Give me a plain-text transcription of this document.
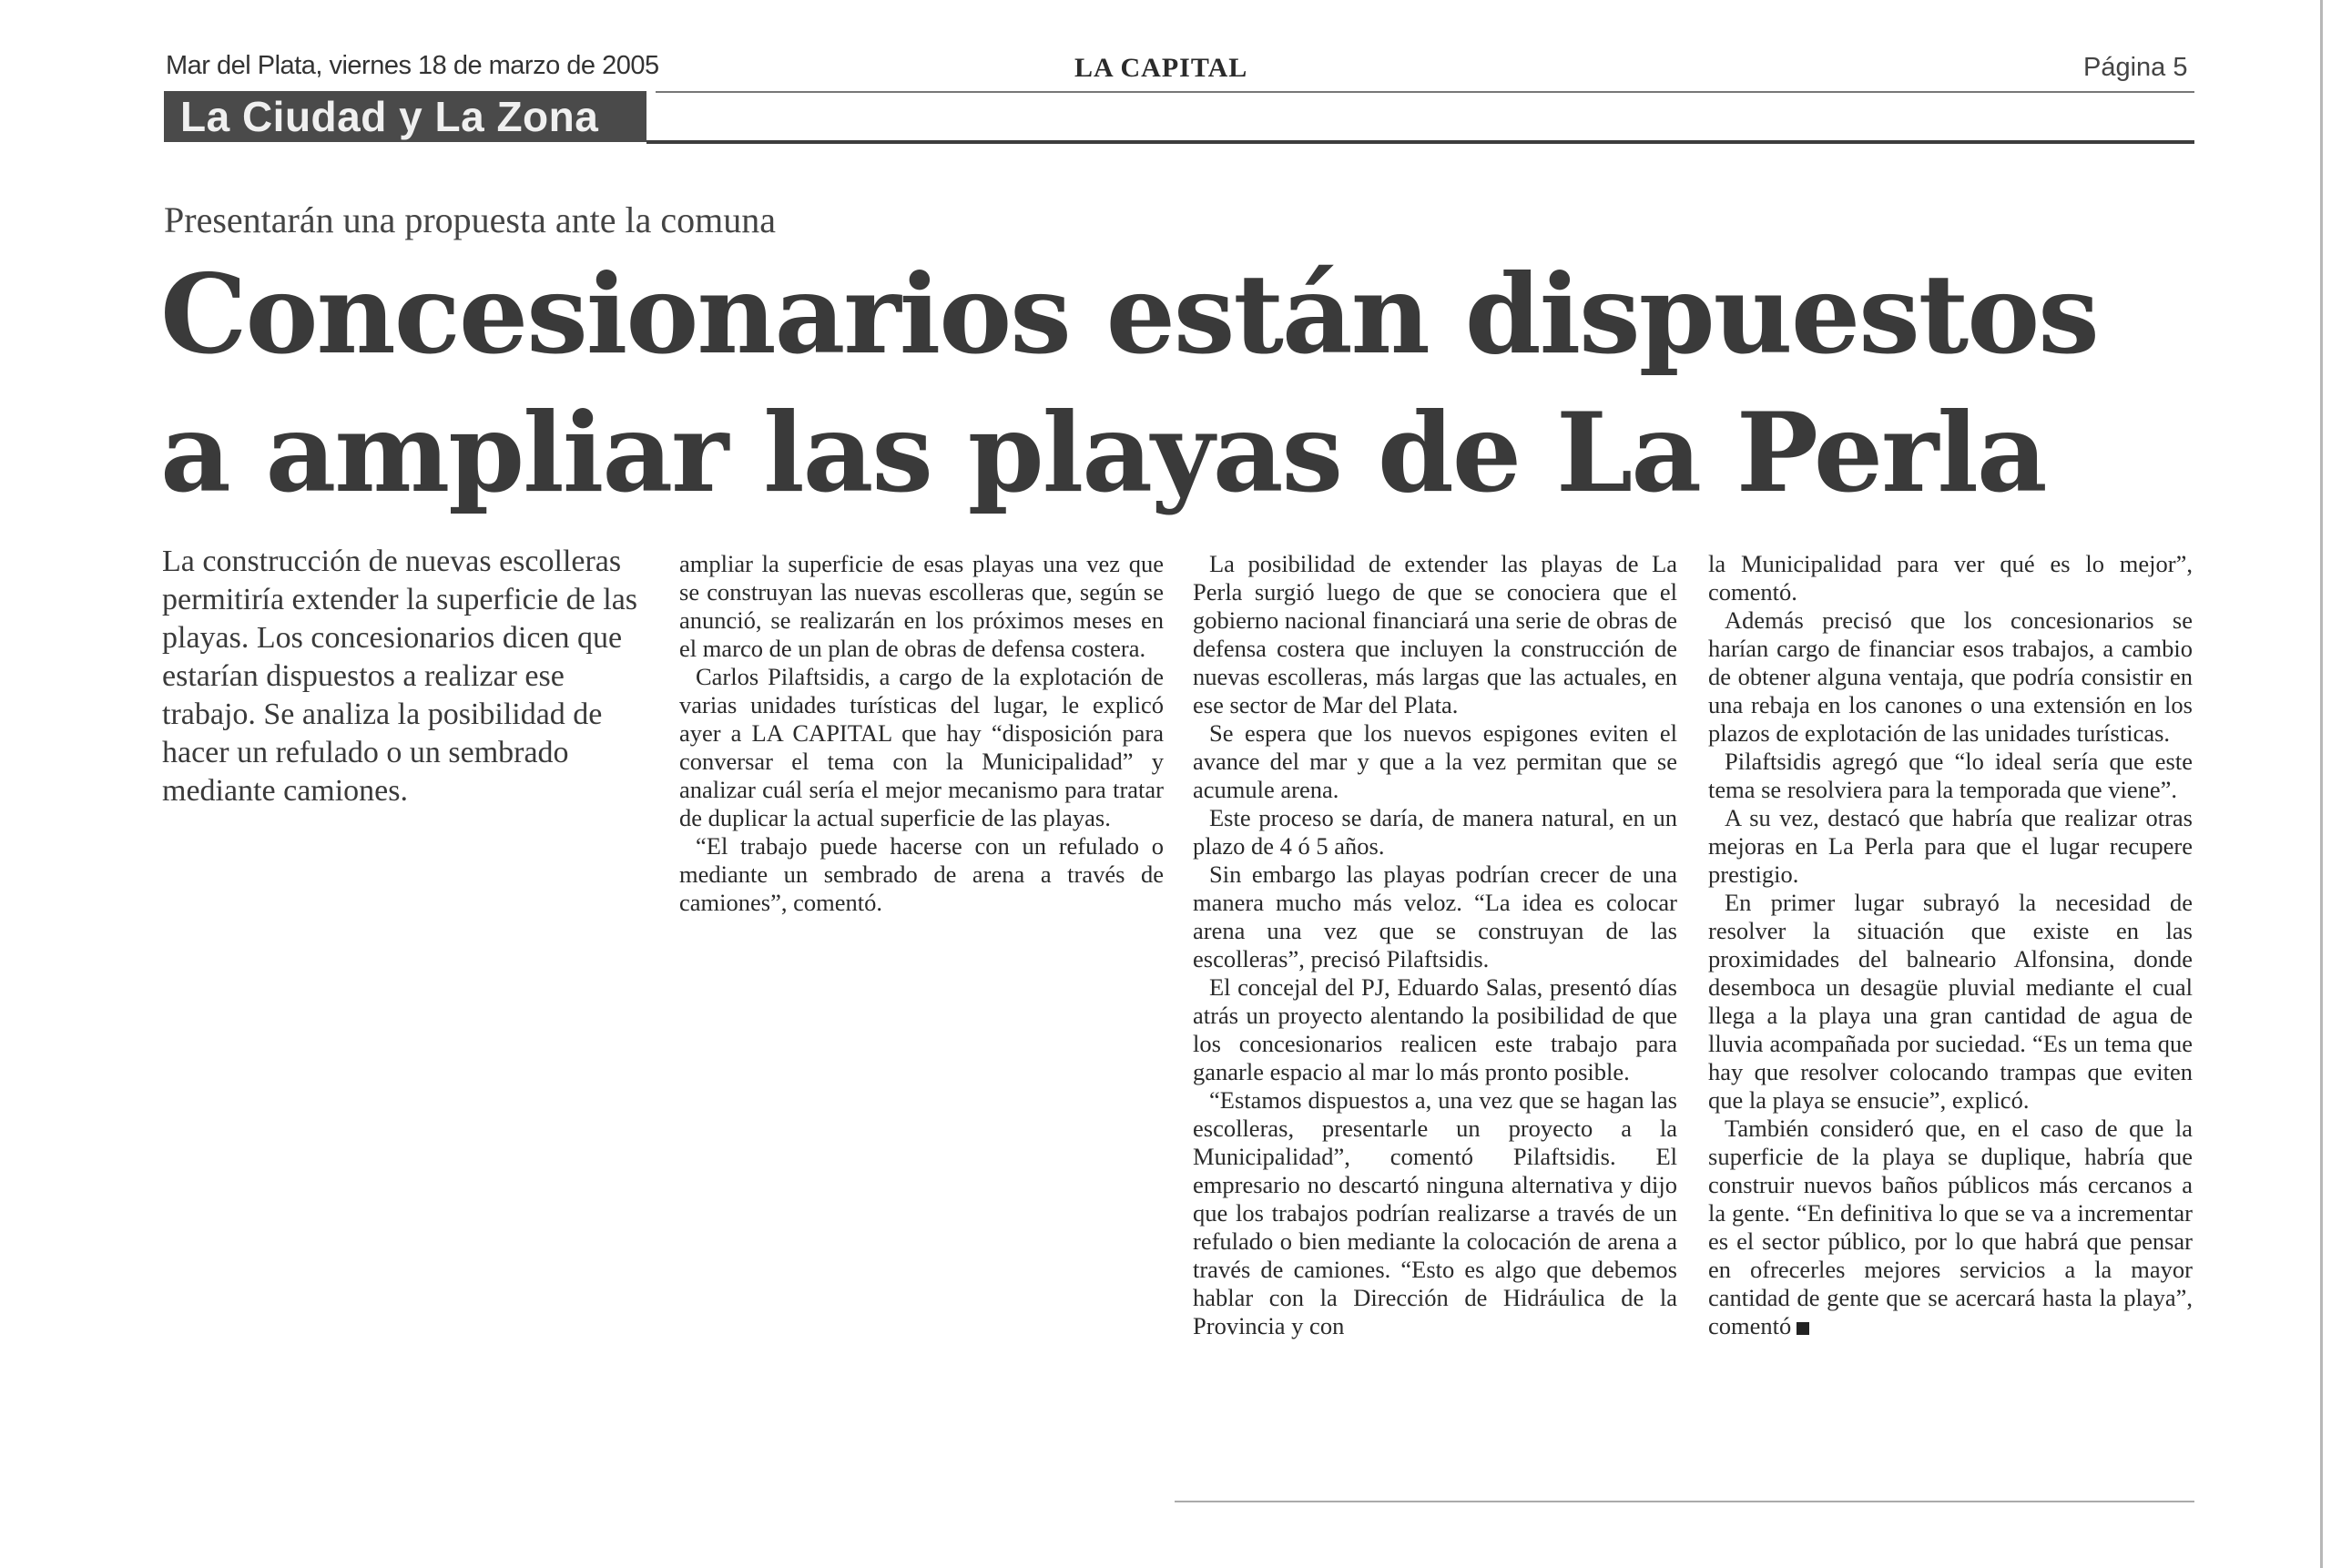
Mar del Plata, viernes 18 de marzo de 2005	LA CAPITAL	Página 5
La Ciudad y La Zona
Presentarán una propuesta ante la comuna
Concesionarios están dispuestos
a ampliar las playas de La Perla
La construcción de nuevas escolleras permitiría extender la superficie de las playas. Los concesionarios dicen que estarían dispuestos a realizar ese trabajo. Se analiza la posibilidad de hacer un refulado o un sembrado mediante camiones.

ampliar la superficie de esas playas una vez que se construyan las nuevas escolleras que, según se anunció, se realizarán en los próximos meses en el marco de un plan de obras de defensa costera.

Carlos Pilaftsidis, a cargo de la explotación de varias unidades turísticas del lugar, le explicó ayer a LA CAPITAL que hay “disposición para conversar el tema con la Municipalidad” y analizar cuál sería el mejor mecanismo para tratar de duplicar la actual superficie de las playas.

“El trabajo puede hacerse con un refulado o mediante un sembrado de arena a través de camiones”, comentó.

La posibilidad de extender las playas de La Perla surgió luego de que se conociera que el gobierno nacional financiará una serie de obras de defensa costera que incluyen la construcción de nuevas escolleras, más largas que las actuales, en ese sector de Mar del Plata.

Se espera que los nuevos espigones eviten el avance del mar y que a la vez permitan que se acumule arena.

Este proceso se daría, de manera natural, en un plazo de 4 ó 5 años.

Sin embargo las playas podrían crecer de una manera mucho más veloz. “La idea es colocar arena una vez que se construyan de las escolleras”, precisó Pilaftsidis.

El concejal del PJ, Eduardo Salas, presentó días atrás un proyecto alentando la posibilidad de que los concesionarios realicen este trabajo para ganarle espacio al mar lo más pronto posible.

“Estamos dispuestos a, una vez que se hagan las escolleras, presentarle un proyecto a la Municipalidad”, comentó Pilaftsidis. El empresario no descartó ninguna alternativa y dijo que los trabajos podrían realizarse a través de un refulado o bien mediante la colocación de arena a través de camiones. “Esto es algo que debemos hablar con la Dirección de Hidráulica de la Provincia y con

la Municipalidad para ver qué es lo mejor”, comentó.

Además precisó que los concesionarios se harían cargo de financiar esos trabajos, a cambio de obtener alguna ventaja, que podría consistir en una rebaja en los canones o una extensión en los plazos de explotación de las unidades turísticas.

Pilaftsidis agregó que “lo ideal sería que este tema se resolviera para la temporada que viene”.

A su vez, destacó que habría que realizar otras mejoras en La Perla para que el lugar recupere prestigio.

En primer lugar subrayó la necesidad de resolver la situación que existe en las proximidades del balneario Alfonsina, donde desemboca un desagüe pluvial mediante el cual llega a la playa una gran cantidad de agua de lluvia acompañada por suciedad. “Es un tema que hay que resolver colocando trampas que eviten que la playa se ensucie”, explicó.

También consideró que, en el caso de que la superficie de la playa se duplique, habría que construir nuevos baños públicos más cercanos a la gente. “En definitiva lo que se va a incrementar es el sector público, por lo que habrá que pensar en ofrecerles mejores servicios a la mayor cantidad de gente que se acercará hasta la playa”, comentó
